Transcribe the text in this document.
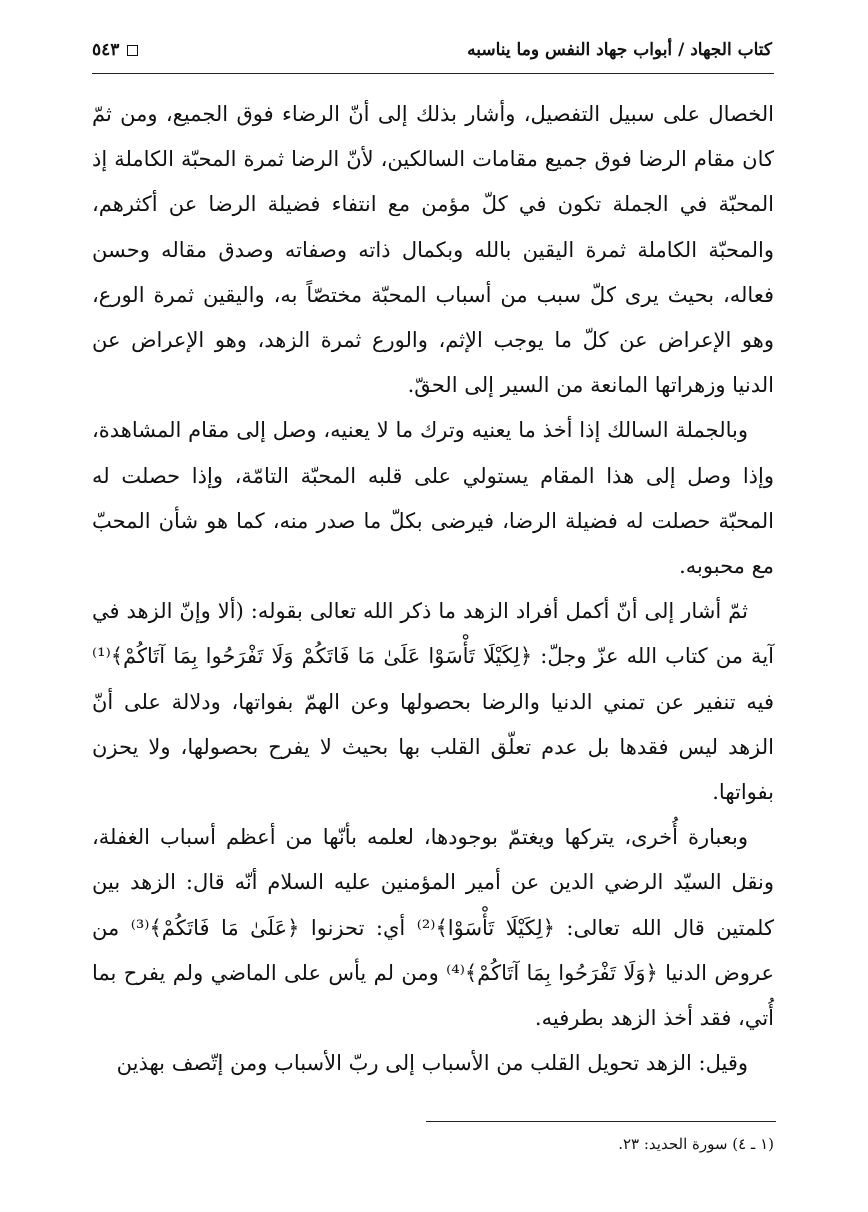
كتاب الجهاد / أبواب جهاد النفس وما يناسبه
٥٤٣

الخصال على سبيل التفصيل، وأشار بذلك إلى أنّ الرضاء فوق الجميع، ومن ثمّ كان مقام الرضا فوق جميع مقامات السالكين، لأنّ الرضا ثمرة المحبّة الكاملة إذ المحبّة في الجملة تكون في كلّ مؤمن مع انتفاء فضيلة الرضا عن أكثرهم، والمحبّة الكاملة ثمرة اليقين بالله وبكمال ذاته وصفاته وصدق مقاله وحسن فعاله، بحيث يرى كلّ سبب من أسباب المحبّة مختصّاً به، واليقين ثمرة الورع، وهو الإعراض عن كلّ ما يوجب الإثم، والورع ثمرة الزهد، وهو الإعراض عن الدنيا وزهراتها المانعة من السير إلى الحقّ.

وبالجملة السالك إذا أخذ ما يعنيه وترك ما لا يعنيه، وصل إلى مقام المشاهدة، وإذا وصل إلى هذا المقام يستولي على قلبه المحبّة التامّة، وإذا حصلت له المحبّة حصلت له فضيلة الرضا، فيرضى بكلّ ما صدر منه، كما هو شأن المحبّ مع محبوبه.

ثمّ أشار إلى أنّ أكمل أفراد الزهد ما ذكر الله تعالى بقوله: (ألا وإنّ الزهد في آية من كتاب الله عزّ وجلّ: ﴿لِكَيْلَا تَأْسَوْا عَلَىٰ مَا فَاتَكُمْ وَلَا تَفْرَحُوا بِمَا آتَاكُمْ﴾⁽¹⁾ فيه تنفير عن تمني الدنيا والرضا بحصولها وعن الهمّ بفواتها، ودلالة على أنّ الزهد ليس فقدها بل عدم تعلّق القلب بها بحيث لا يفرح بحصولها، ولا يحزن بفواتها.

وبعبارة أُخرى، يتركها ويغتمّ بوجودها، لعلمه بأنّها من أعظم أسباب الغفلة، ونقل السيّد الرضي الدين عن أمير المؤمنين عليه السلام أنّه قال: الزهد بين كلمتين قال الله تعالى: ﴿لِكَيْلَا تَأْسَوْا﴾⁽²⁾ أي: تحزنوا ﴿عَلَىٰ مَا فَاتَكُمْ﴾⁽³⁾ من عروض الدنيا ﴿وَلَا تَفْرَحُوا بِمَا آتَاكُمْ﴾⁽⁴⁾ ومن لم يأس على الماضي ولم يفرح بما أُتي، فقد أخذ الزهد بطرفيه.

وقيل: الزهد تحويل القلب من الأسباب إلى ربّ الأسباب ومن إتّصف بهذين

(١ ـ ٤) سورة الحديد: ٢٣.
